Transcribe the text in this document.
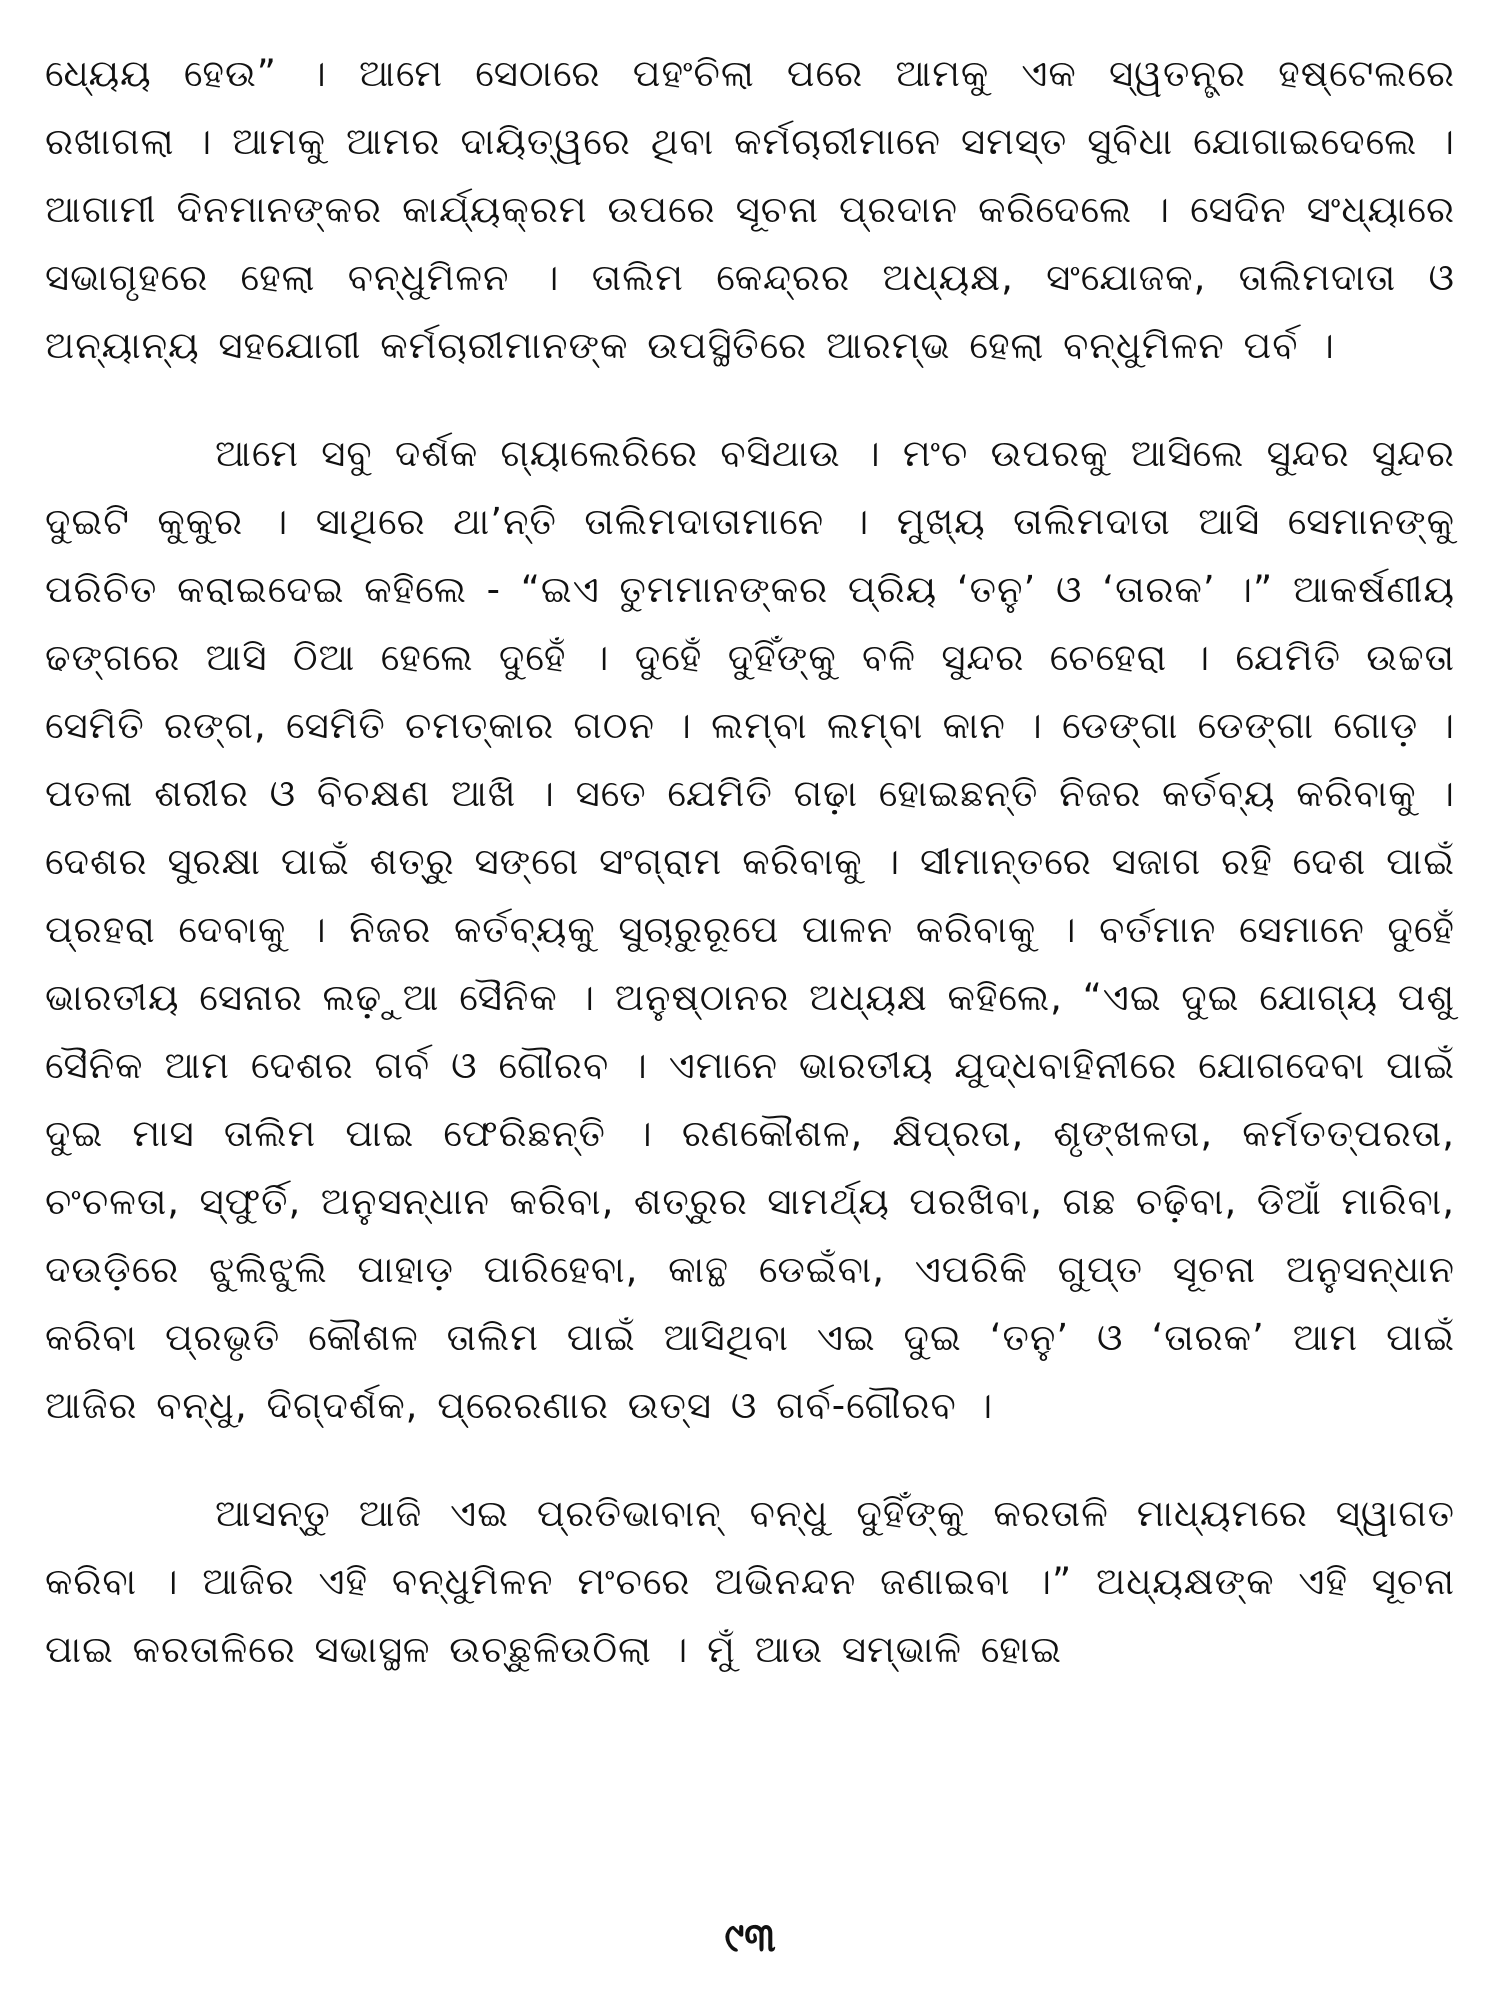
ଧ୍ୟେୟ ହେଉ” । ଆମେ ସେଠାରେ ପହଂଚିଲା ପରେ ଆମକୁ ଏକ ସ୍ୱତନ୍ତ୍ର ହଷ୍ଟେଲରେ ରଖାଗଲା । ଆମକୁ ଆମର ଦାୟିତ୍ୱରେ ଥିବା କର୍ମଚାରୀମାନେ ସମସ୍ତ ସୁବିଧା ଯୋଗାଇଦେଲେ । ଆଗାମୀ ଦିନମାନଙ୍କର କାର୍ଯ୍ୟକ୍ରମ ଉପରେ ସୂଚନା ପ୍ରଦାନ କରିଦେଲେ । ସେଦିନ ସଂଧ୍ୟାରେ ସଭାଗୃହରେ ହେଲା ବନ୍ଧୁମିଳନ । ତାଲିମ କେନ୍ଦ୍ରର ଅଧ୍ୟକ୍ଷ, ସଂଯୋଜକ, ତାଲିମଦାତା ଓ ଅନ୍ୟାନ୍ୟ ସହଯୋଗୀ କର୍ମଚାରୀମାନଙ୍କ ଉପସ୍ଥିତିରେ ଆରମ୍ଭ ହେଲା ବନ୍ଧୁମିଳନ ପର୍ବ ।

ଆମେ ସବୁ ଦର୍ଶକ ଗ୍ୟାଲେରିରେ ବସିଥାଉ । ମଂଚ ଉପରକୁ ଆସିଲେ ସୁନ୍ଦର ସୁନ୍ଦର ଦୁଇଟି କୁକୁର । ସାଥିରେ ଥା’ନ୍ତି ତାଲିମଦାତାମାନେ । ମୁଖ୍ୟ ତାଲିମଦାତା ଆସି ସେମାନଙ୍କୁ ପରିଚିତ କରାଇଦେଇ କହିଲେ - “ଇଏ ତୁମମାନଙ୍କର ପ୍ରିୟ ‘ତନୁ’ ଓ ‘ତାରକ’ ।” ଆକର୍ଷଣୀୟ ଢଙ୍ଗରେ ଆସି ଠିଆ ହେଲେ ଦୁହେଁ । ଦୁହେଁ ଦୁହିଁଙ୍କୁ ବଳି ସୁନ୍ଦର ଚେହେରା । ଯେମିତି ଉଚ୍ଚତା ସେମିତି ରଙ୍ଗ, ସେମିତି ଚମତ୍କାର ଗଠନ । ଲମ୍ବା ଲମ୍ବା କାନ । ଡେଙ୍ଗା ଡେଙ୍ଗା ଗୋଡ଼ । ପତଳା ଶରୀର ଓ ବିଚକ୍ଷଣ ଆଖି । ସତେ ଯେମିତି ଗଢ଼ା ହୋଇଛନ୍ତି ନିଜର କର୍ତବ୍ୟ କରିବାକୁ । ଦେଶର ସୁରକ୍ଷା ପାଇଁ ଶତ୍ରୁ ସଙ୍ଗେ ସଂଗ୍ରାମ କରିବାକୁ । ସୀମାନ୍ତରେ ସଜାଗ ରହି ଦେଶ ପାଇଁ ପ୍ରହରା ଦେବାକୁ । ନିଜର କର୍ତବ୍ୟକୁ ସୁଚାରୁରୂପେ ପାଳନ କରିବାକୁ । ବର୍ତମାନ ସେମାନେ ଦୁହେଁ ଭାରତୀୟ ସେନାର ଲଢ଼ୁଆ ସୈନିକ । ଅନୁଷ୍ଠାନର ଅଧ୍ୟକ୍ଷ କହିଲେ, “ଏଇ ଦୁଇ ଯୋଗ୍ୟ ପଶୁ ସୈନିକ ଆମ ଦେଶର ଗର୍ବ ଓ ଗୌରବ । ଏମାନେ ଭାରତୀୟ ଯୁଦ୍ଧବାହିନୀରେ ଯୋଗଦେବା ପାଇଁ ଦୁଇ ମାସ ତାଲିମ ପାଇ ଫେରିଛନ୍ତି । ରଣକୌଶଳ, କ୍ଷିପ୍ରତା, ଶୃଙ୍ଖଳତା, କର୍ମତତ୍ପରତା, ଚଂଚଳତା, ସ୍ଫୁର୍ତି, ଅନୁସନ୍ଧାନ କରିବା, ଶତ୍ରୁର ସାମର୍ଥ୍ୟ ପରଖିବା, ଗଛ ଚଢ଼ିବା, ଡିଆଁ ମାରିବା, ଦଉଡ଼ିରେ ଝୁଲିଝୁଲି ପାହାଡ଼ ପାରିହେବା, କାନ୍ଥ ଡେଇଁବା, ଏପରିକି ଗୁପ୍ତ ସୂଚନା ଅନୁସନ୍ଧାନ କରିବା ପ୍ରଭୃତି କୌଶଳ ତାଲିମ ପାଇଁ ଆସିଥିବା ଏଇ ଦୁଇ ‘ତନୁ’ ଓ ‘ତାରକ’ ଆମ ପାଇଁ ଆଜିର ବନ୍ଧୁ, ଦିଗ୍‌ଦର୍ଶକ, ପ୍ରେରଣାର ଉତ୍ସ ଓ ଗର୍ବ-ଗୌରବ ।

ଆସନ୍ତୁ ଆଜି ଏଇ ପ୍ରତିଭାବାନ୍ ବନ୍ଧୁ ଦୁହିଁଙ୍କୁ କରତାଳି ମାଧ୍ୟମରେ ସ୍ୱାଗତ କରିବା । ଆଜିର ଏହି ବନ୍ଧୁମିଳନ ମଂଚରେ ଅଭିନନ୍ଦନ ଜଣାଇବା ।” ଅଧ୍ୟକ୍ଷଙ୍କ ଏହି ସୂଚନା ପାଇ କରତାଳିରେ ସଭାସ୍ଥଳ ଉଚ୍ଛୁଳିଉଠିଲା । ମୁଁ ଆଉ ସମ୍ଭାଳି ହୋଇ

୯୩
